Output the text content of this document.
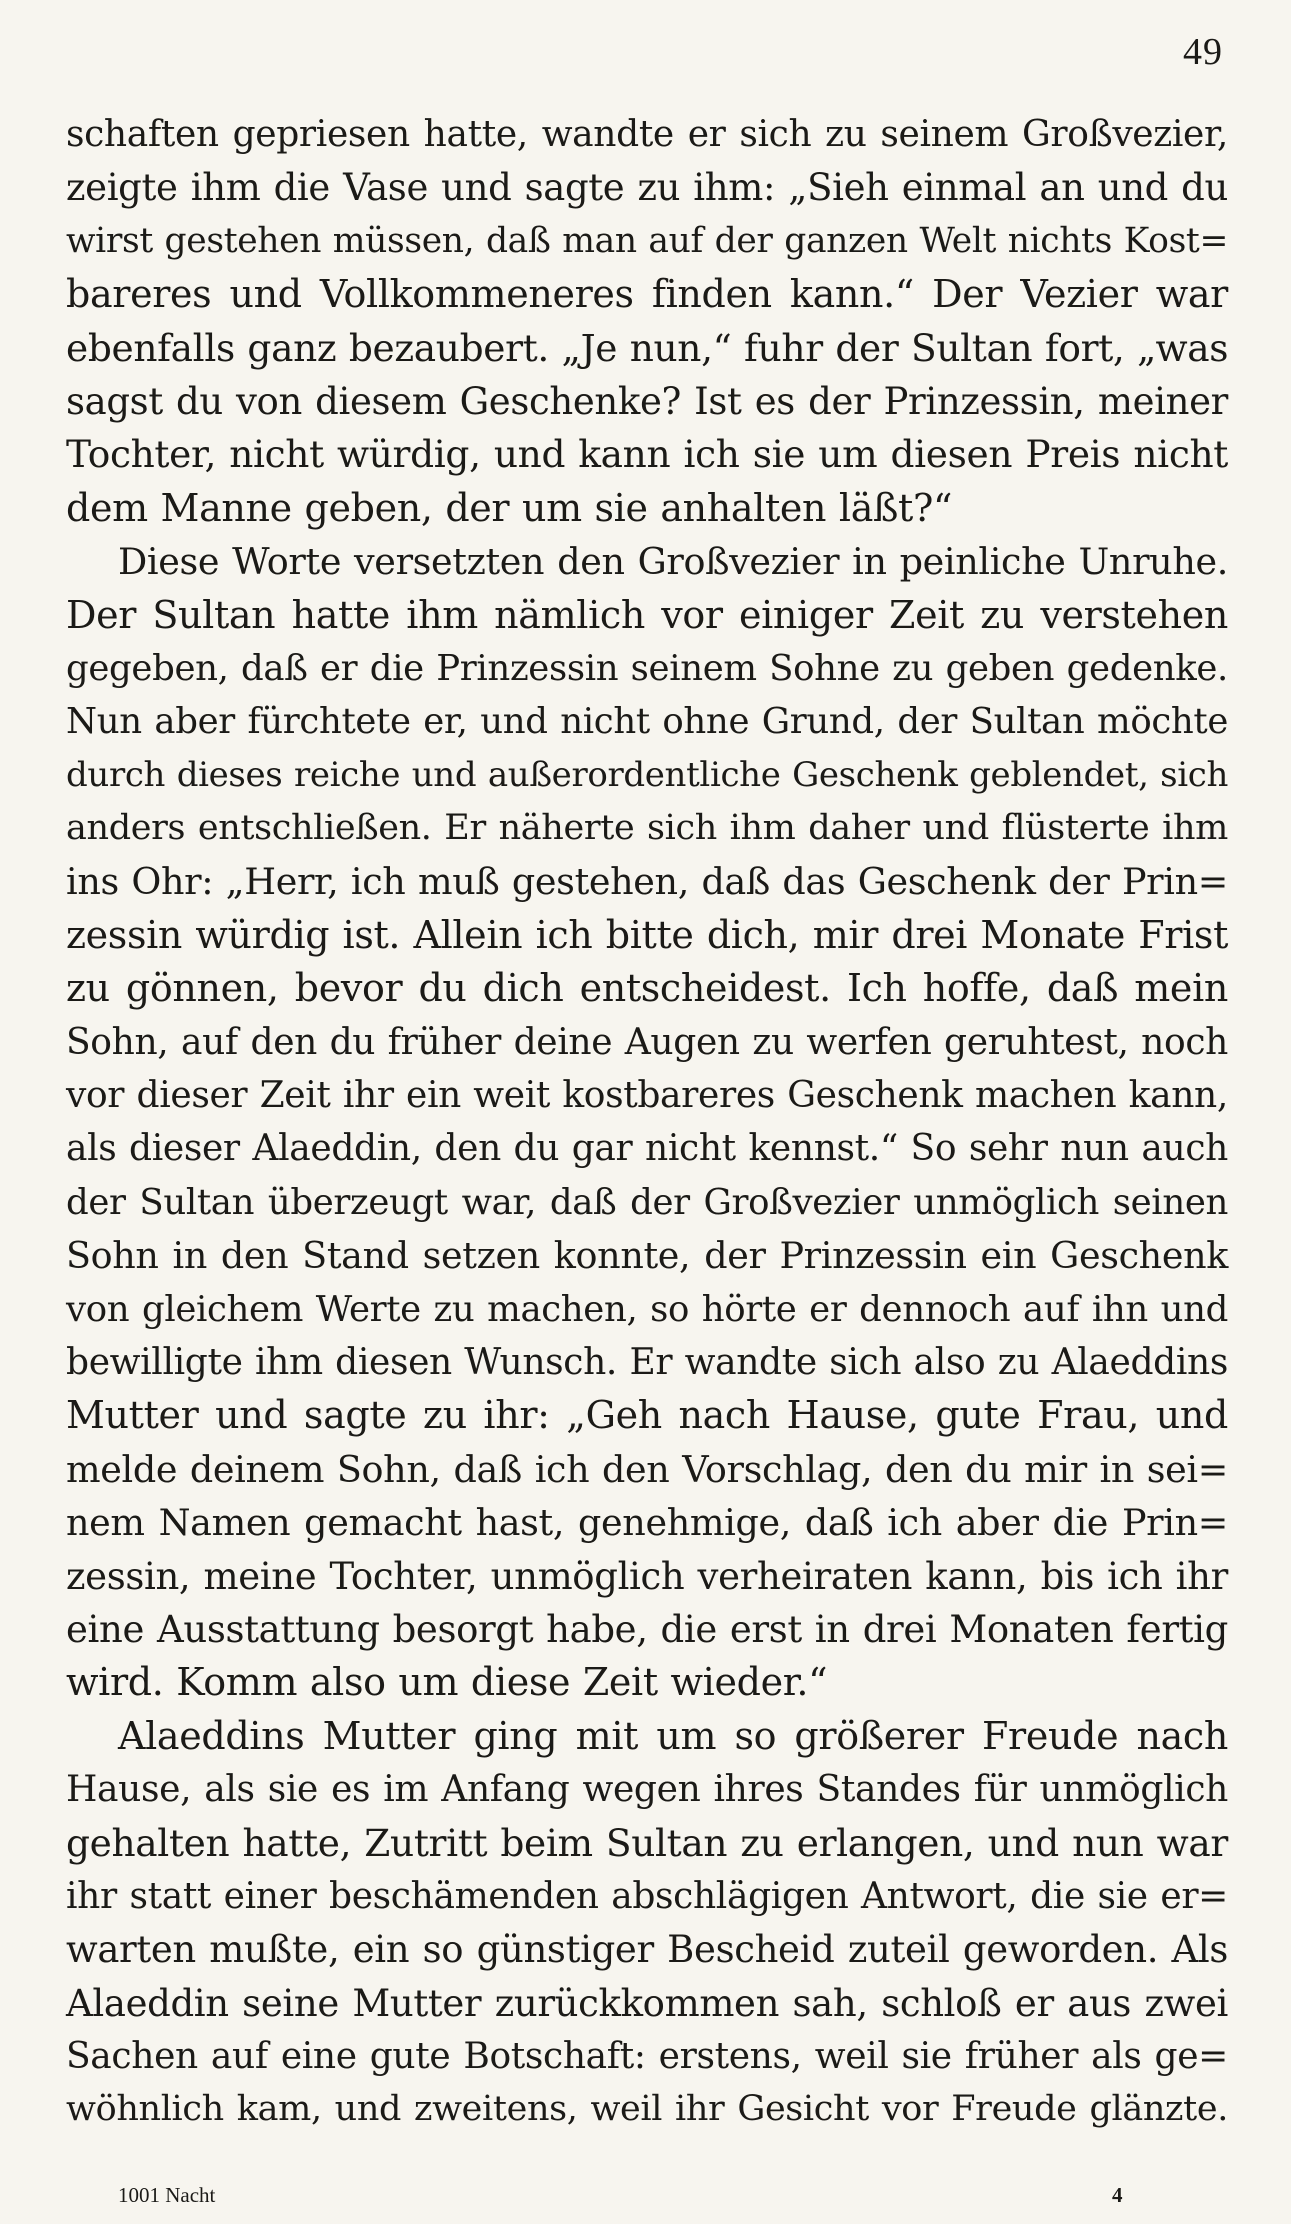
49
schaften gepriesen hatte, wandte er sich zu seinem Großvezier,
zeigte ihm die Vase und sagte zu ihm: „Sieh einmal an und du
wirst gestehen müssen, daß man auf der ganzen Welt nichts Kost=
bareres und Vollkommeneres finden kann.“ Der Vezier war
ebenfalls ganz bezaubert. „Je nun,“ fuhr der Sultan fort, „was
sagst du von diesem Geschenke? Ist es der Prinzessin, meiner
Tochter, nicht würdig, und kann ich sie um diesen Preis nicht
dem Manne geben, der um sie anhalten läßt?“
Diese Worte versetzten den Großvezier in peinliche Unruhe.
Der Sultan hatte ihm nämlich vor einiger Zeit zu verstehen
gegeben, daß er die Prinzessin seinem Sohne zu geben gedenke.
Nun aber fürchtete er, und nicht ohne Grund, der Sultan möchte
durch dieses reiche und außerordentliche Geschenk geblendet, sich
anders entschließen. Er näherte sich ihm daher und flüsterte ihm
ins Ohr: „Herr, ich muß gestehen, daß das Geschenk der Prin=
zessin würdig ist. Allein ich bitte dich, mir drei Monate Frist
zu gönnen, bevor du dich entscheidest. Ich hoffe, daß mein
Sohn, auf den du früher deine Augen zu werfen geruhtest, noch
vor dieser Zeit ihr ein weit kostbareres Geschenk machen kann,
als dieser Alaeddin, den du gar nicht kennst.“ So sehr nun auch
der Sultan überzeugt war, daß der Großvezier unmöglich seinen
Sohn in den Stand setzen konnte, der Prinzessin ein Geschenk
von gleichem Werte zu machen, so hörte er dennoch auf ihn und
bewilligte ihm diesen Wunsch. Er wandte sich also zu Alaeddins
Mutter und sagte zu ihr: „Geh nach Hause, gute Frau, und
melde deinem Sohn, daß ich den Vorschlag, den du mir in sei=
nem Namen gemacht hast, genehmige, daß ich aber die Prin=
zessin, meine Tochter, unmöglich verheiraten kann, bis ich ihr
eine Ausstattung besorgt habe, die erst in drei Monaten fertig
wird. Komm also um diese Zeit wieder.“
Alaeddins Mutter ging mit um so größerer Freude nach
Hause, als sie es im Anfang wegen ihres Standes für unmöglich
gehalten hatte, Zutritt beim Sultan zu erlangen, und nun war
ihr statt einer beschämenden abschlägigen Antwort, die sie er=
warten mußte, ein so günstiger Bescheid zuteil geworden. Als
Alaeddin seine Mutter zurückkommen sah, schloß er aus zwei
Sachen auf eine gute Botschaft: erstens, weil sie früher als ge=
wöhnlich kam, und zweitens, weil ihr Gesicht vor Freude glänzte.
1001 Nacht	4
